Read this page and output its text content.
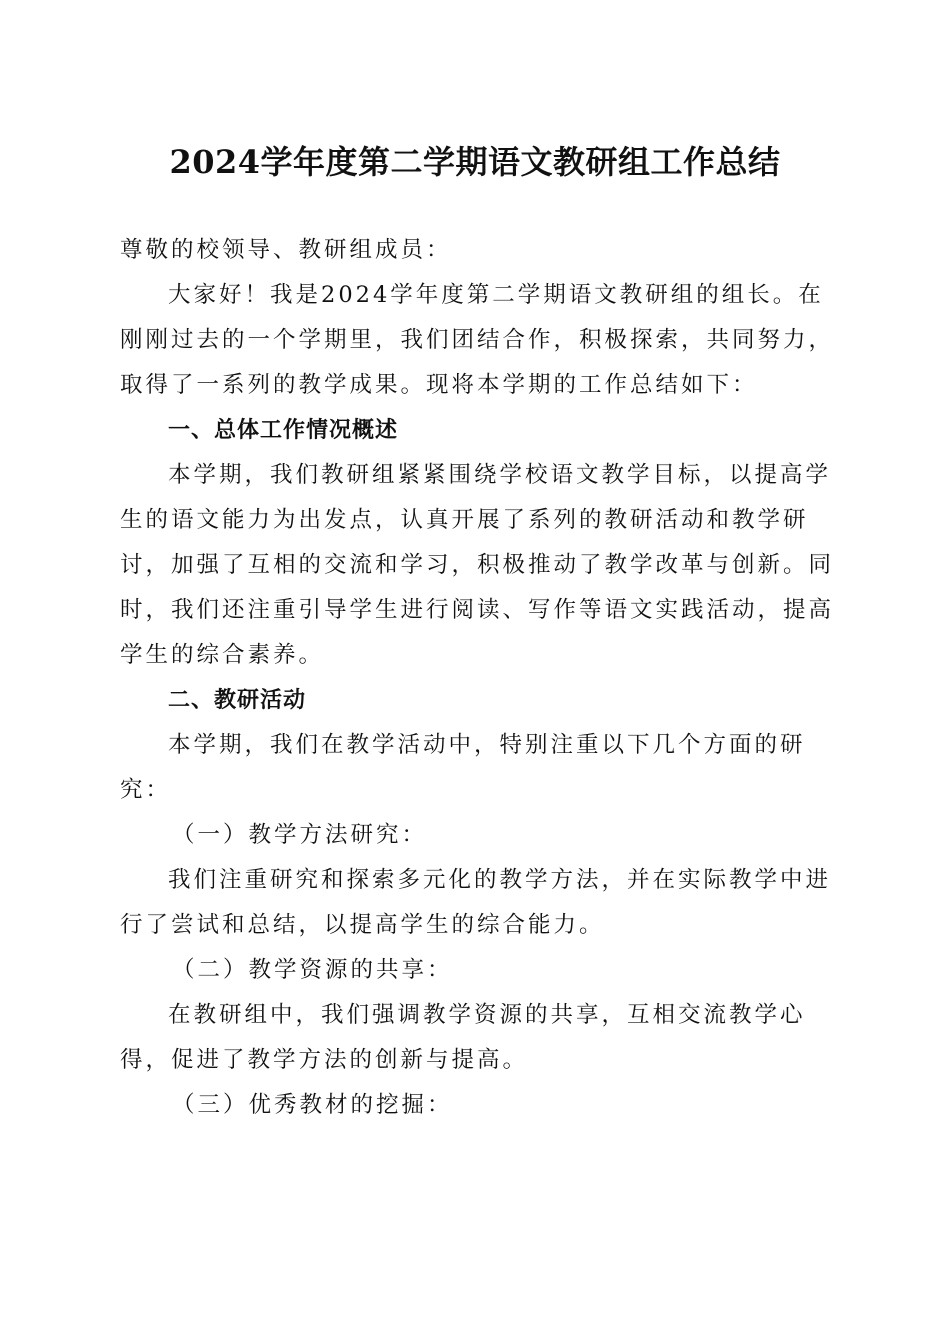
2024学年度第二学期语文教研组工作总结

尊敬的校领导、教研组成员：

大家好！我是2024学年度第二学期语文教研组的组长。在刚刚过去的一个学期里，我们团结合作，积极探索，共同努力，取得了一系列的教学成果。现将本学期的工作总结如下：

一、总体工作情况概述

本学期，我们教研组紧紧围绕学校语文教学目标，以提高学生的语文能力为出发点，认真开展了系列的教研活动和教学研讨，加强了互相的交流和学习，积极推动了教学改革与创新。同时，我们还注重引导学生进行阅读、写作等语文实践活动，提高学生的综合素养。

二、教研活动

本学期，我们在教学活动中，特别注重以下几个方面的研究：

（一）教学方法研究：

我们注重研究和探索多元化的教学方法，并在实际教学中进行了尝试和总结，以提高学生的综合能力。

（二）教学资源的共享：

在教研组中，我们强调教学资源的共享，互相交流教学心得，促进了教学方法的创新与提高。

（三）优秀教材的挖掘：
